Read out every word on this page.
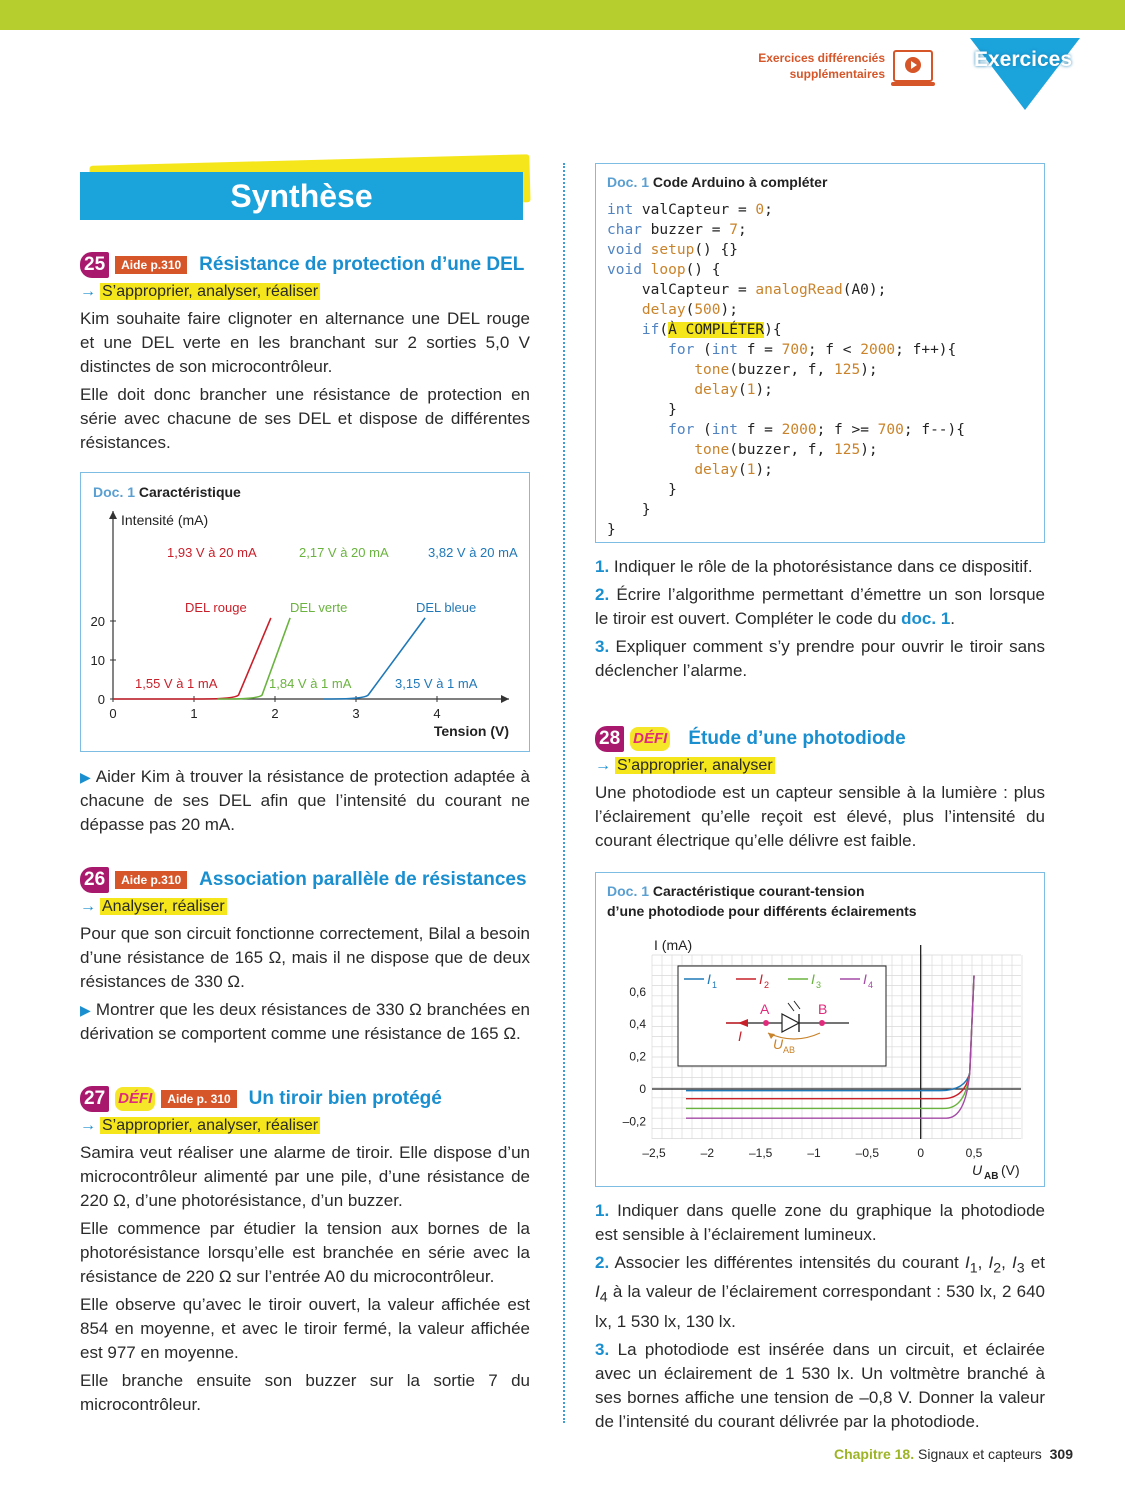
Exercices différenciés
supplémentaires
Exercices
Synthèse
25	Aide p.310 Résistance de protection d’une DEL
→ S’approprier, analyser, réaliser

Kim souhaite faire clignoter en alternance une DEL rouge et une DEL verte en les branchant sur 2 sorties 5,0 V distinctes de son microcontrôleur.

Elle doit donc brancher une résistance de protection en série avec chacune de ses DEL et dispose de différentes résistances.

Doc. 1 Caractéristique
Intensité (mA)
Tension (V)
0	1	2	3	4
0
10
20
1,55 V à 1 mA
1,93 V à 20 mA
DEL rouge
1,84 V à 1 mA
2,17 V à 20 mA
DEL verte
3,15 V à 1 mA
3,82 V à 20 mA
DEL bleue

▶ Aider Kim à trouver la résistance de protection adaptée à chacune de ses DEL afin que l’intensité du courant ne dépasse pas 20 mA.

26	Aide p.310 Association parallèle de résistances
→ Analyser, réaliser

Pour que son circuit fonctionne correctement, Bilal a besoin d’une résistance de 165 Ω, mais il ne dispose que de deux résistances de 330 Ω.

▶ Montrer que les deux résistances de 330 Ω branchées en dérivation se comportent comme une résistance de 165 Ω.

27 DÉFI	Aide p. 310 Un tiroir bien protégé
→ S’approprier, analyser, réaliser

Samira veut réaliser une alarme de tiroir. Elle dispose d’un microcontrôleur alimenté par une pile, d’une résistance de 220 Ω, d’une photorésistance, d’un buzzer.

Elle commence par étudier la tension aux bornes de la photorésistance lorsqu’elle est branchée en série avec la résistance de 220 Ω sur l’entrée A0 du microcontrôleur.

Elle observe qu’avec le tiroir ouvert, la valeur affichée est 854 en moyenne, et avec le tiroir fermé, la valeur affichée est 977 en moyenne.

Elle branche ensuite son buzzer sur la sortie 7 du microcontrôleur.

Doc. 1 Code Arduino à compléter
int valCapteur = 0;
char buzzer = 7;
void setup() {}
void loop() {
valCapteur = analogRead(A0);
delay(500);
if(À COMPLÉTER){
for (int f = 700; f < 2000; f++){
tone(buzzer, f, 125);
delay(1);
}
for (int f = 2000; f >= 700; f--){
tone(buzzer, f, 125);
delay(1);
}
}
}

1. Indiquer le rôle de la photorésistance dans ce dispositif.

2. Écrire l’algorithme permettant d’émettre un son lorsque le tiroir est ouvert. Compléter le code du doc. 1.

3. Expliquer comment s’y prendre pour ouvrir le tiroir sans déclencher l’alarme.

28 DÉFI Étude d’une photodiode
→ S’approprier, analyser

Une photodiode est un capteur sensible à la lumière : plus l’éclairement qu’elle reçoit est élevé, plus l’intensité du courant électrique qu’elle délivre est faible.

Doc. 1 Caractéristique courant-tension
d’une photodiode pour différents éclairements
I (mA)
–2,5	–2	–1,5	–1	–0,5	0	0,5
–0,2
0
0,2
0,4
0,6
U AB (V)
I 1	I 2	I 3	I 4
I
A	B
U AB

1. Indiquer dans quelle zone du graphique la photodiode est sensible à l’éclairement lumineux.

2. Associer les différentes intensités du courant $I_1$, $I_2$, $I_3$ et $I_4$ à la valeur de l’éclairement correspondant : 530 lx, 2 640 lx, 1 530 lx, 130 lx.

3. La photodiode est insérée dans un circuit, et éclairée avec un éclairement de 1 530 lx. Un voltmètre branché à ses bornes affiche une tension de –0,8 V. Donner la valeur de l’intensité du courant délivrée par la photodiode.

Chapitre 18. Signaux et capteurs 309
